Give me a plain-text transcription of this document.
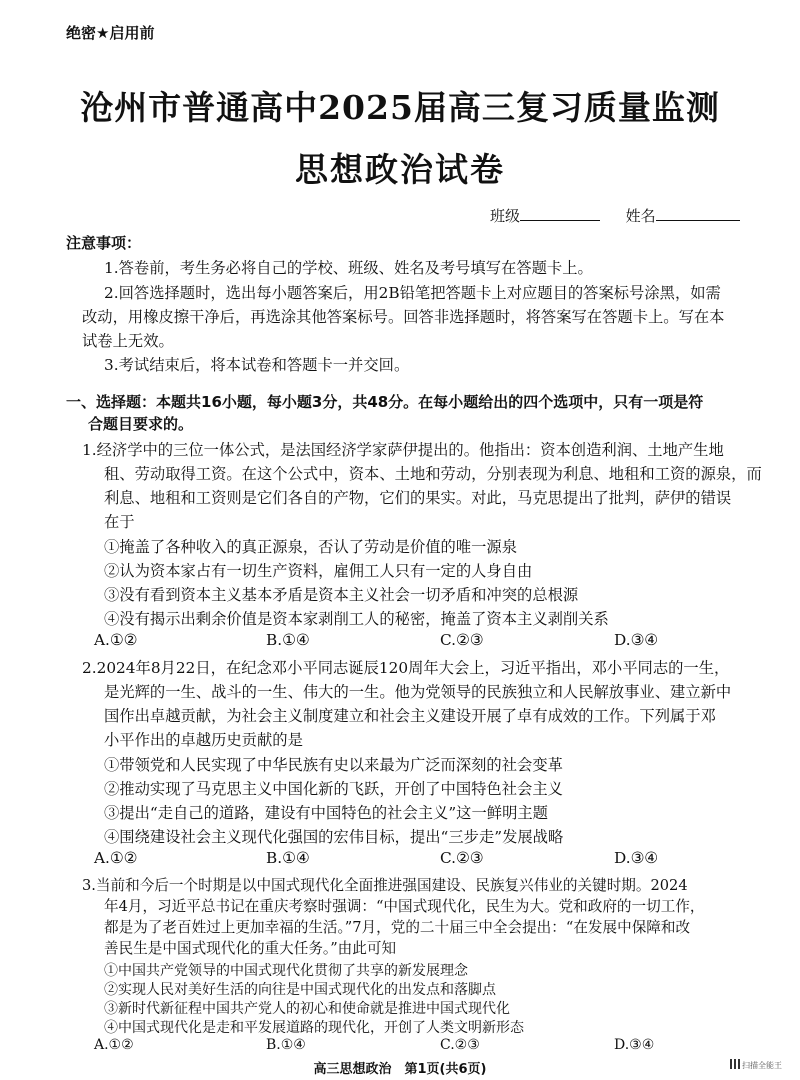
绝密★启用前
沧州市普通高中2025届高三复习质量监测
思想政治试卷
班级	姓名
注意事项：
1.答卷前，考生务必将自己的学校、班级、姓名及考号填写在答题卡上。
2.回答选择题时，选出每小题答案后，用2B铅笔把答题卡上对应题目的答案标号涂黑，如需
改动，用橡皮擦干净后，再选涂其他答案标号。回答非选择题时，将答案写在答题卡上。写在本
试卷上无效。
3.考试结束后，将本试卷和答题卡一并交回。
一、选择题：本题共16小题，每小题3分，共48分。在每小题给出的四个选项中，只有一项是符
合题目要求的。
1.经济学中的三位一体公式，是法国经济学家萨伊提出的。他指出：资本创造利润、土地产生地
租、劳动取得工资。在这个公式中，资本、土地和劳动，分别表现为利息、地租和工资的源泉，而
利息、地租和工资则是它们各自的产物，它们的果实。对此，马克思提出了批判，萨伊的错误
在于
①掩盖了各种收入的真正源泉，否认了劳动是价值的唯一源泉
②认为资本家占有一切生产资料，雇佣工人只有一定的人身自由
③没有看到资本主义基本矛盾是资本主义社会一切矛盾和冲突的总根源
④没有揭示出剩余价值是资本家剥削工人的秘密，掩盖了资本主义剥削关系
A.①②	B.①④	C.②③	D.③④
2.2024年8月22日，在纪念邓小平同志诞辰120周年大会上，习近平指出，邓小平同志的一生，
是光辉的一生、战斗的一生、伟大的一生。他为党领导的民族独立和人民解放事业、建立新中
国作出卓越贡献，为社会主义制度建立和社会主义建设开展了卓有成效的工作。下列属于邓
小平作出的卓越历史贡献的是
①带领党和人民实现了中华民族有史以来最为广泛而深刻的社会变革
②推动实现了马克思主义中国化新的飞跃，开创了中国特色社会主义
③提出“走自己的道路，建设有中国特色的社会主义”这一鲜明主题
④围绕建设社会主义现代化强国的宏伟目标，提出“三步走”发展战略
A.①②	B.①④	C.②③	D.③④
3.当前和今后一个时期是以中国式现代化全面推进强国建设、民族复兴伟业的关键时期。2024
年4月，习近平总书记在重庆考察时强调：“中国式现代化，民生为大。党和政府的一切工作，
都是为了老百姓过上更加幸福的生活。”7月，党的二十届三中全会提出：“在发展中保障和改
善民生是中国式现代化的重大任务。”由此可知
①中国共产党领导的中国式现代化贯彻了共享的新发展理念
②实现人民对美好生活的向往是中国式现代化的出发点和落脚点
高三思想政治　第1页(共6页)	扫描全能王
③新时代新征程中国共产党人的初心和使命就是推进中国式现代化
④中国式现代化是走和平发展道路的现代化，开创了人类文明新形态
A.①②	B.①④	C.②③	D.③④
